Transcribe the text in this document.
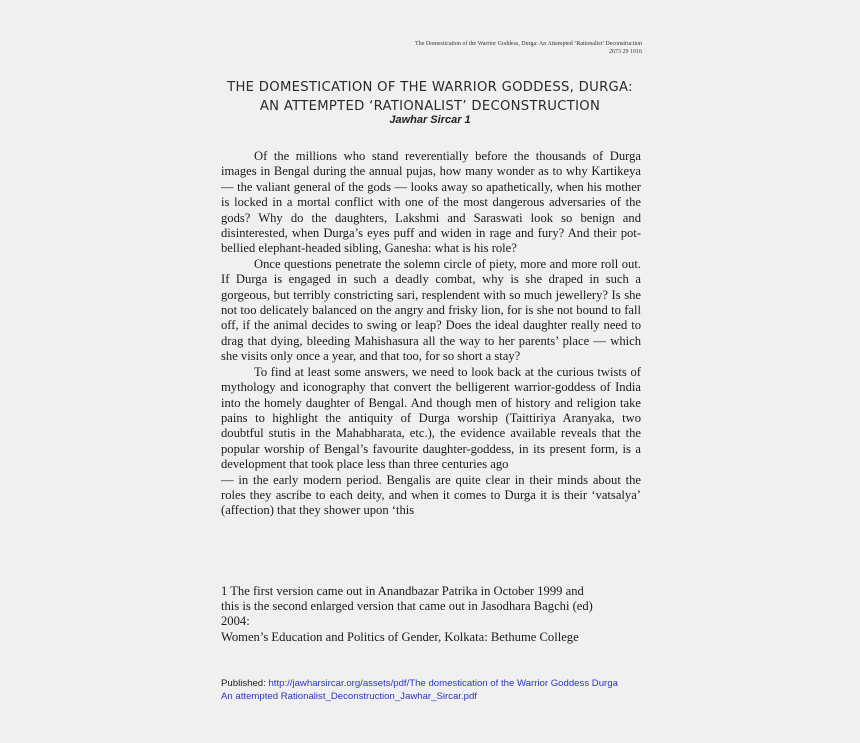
The Domestication of the Warrior Goddess, Durga: An Attempted ‘Rationalist’ Deconstruction
2673 29 1016
THE DOMESTICATION OF THE WARRIOR GODDESS, DURGA:
AN ATTEMPTED ‘RATIONALIST’ DECONSTRUCTION
Jawhar Sircar 1

Of the millions who stand reverentially before the thousands of Durga images in Bengal during the annual pujas, how many wonder as to why Kartikeya — the valiant general of the gods — looks away so apathetically, when his mother is locked in a mortal conflict with one of the most dangerous adversaries of the gods? Why do the daughters, Lakshmi and Saraswati look so benign and disinterested, when Durga’s eyes puff and widen in rage and fury? And their pot-bellied elephant-headed sibling, Ganesha: what is his role?

Once questions penetrate the solemn circle of piety, more and more roll out. If Durga is engaged in such a deadly combat, why is she draped in such a gorgeous, but terribly constricting sari, resplendent with so much jewellery? Is she not too delicately balanced on the angry and frisky lion, for is she not bound to fall off, if the animal decides to swing or leap? Does the ideal daughter really need to drag that dying, bleeding Mahishasura all the way to her parents’ place — which she visits only once a year, and that too, for so short a stay?

To find at least some answers, we need to look back at the curious twists of mythology and iconography that convert the belligerent warrior-goddess of India into the homely daughter of Bengal. And though men of history and religion take pains to highlight the antiquity of Durga worship (Taittiriya Aranyaka, two doubtful stutis in the Mahabharata, etc.), the evidence available reveals that the popular worship of Bengal’s favourite daughter-goddess, in its present form, is a development that took place less than three centuries ago

— in the early modern period. Bengalis are quite clear in their minds about the roles they ascribe to each deity, and when it comes to Durga it is their ‘vatsalya’ (affection) that they shower upon ‘this

1 The first version came out in Anandbazar Patrika in October 1999 and

this is the second enlarged version that came out in Jasodhara Bagchi (ed)

2004:

Women’s Education and Politics of Gender, Kolkata: Bethume College

Published: http://jawharsircar.org/assets/pdf/The domestication of the Warrior Goddess Durga
An attempted Rationalist_Deconstruction_Jawhar_Sircar.pdf
